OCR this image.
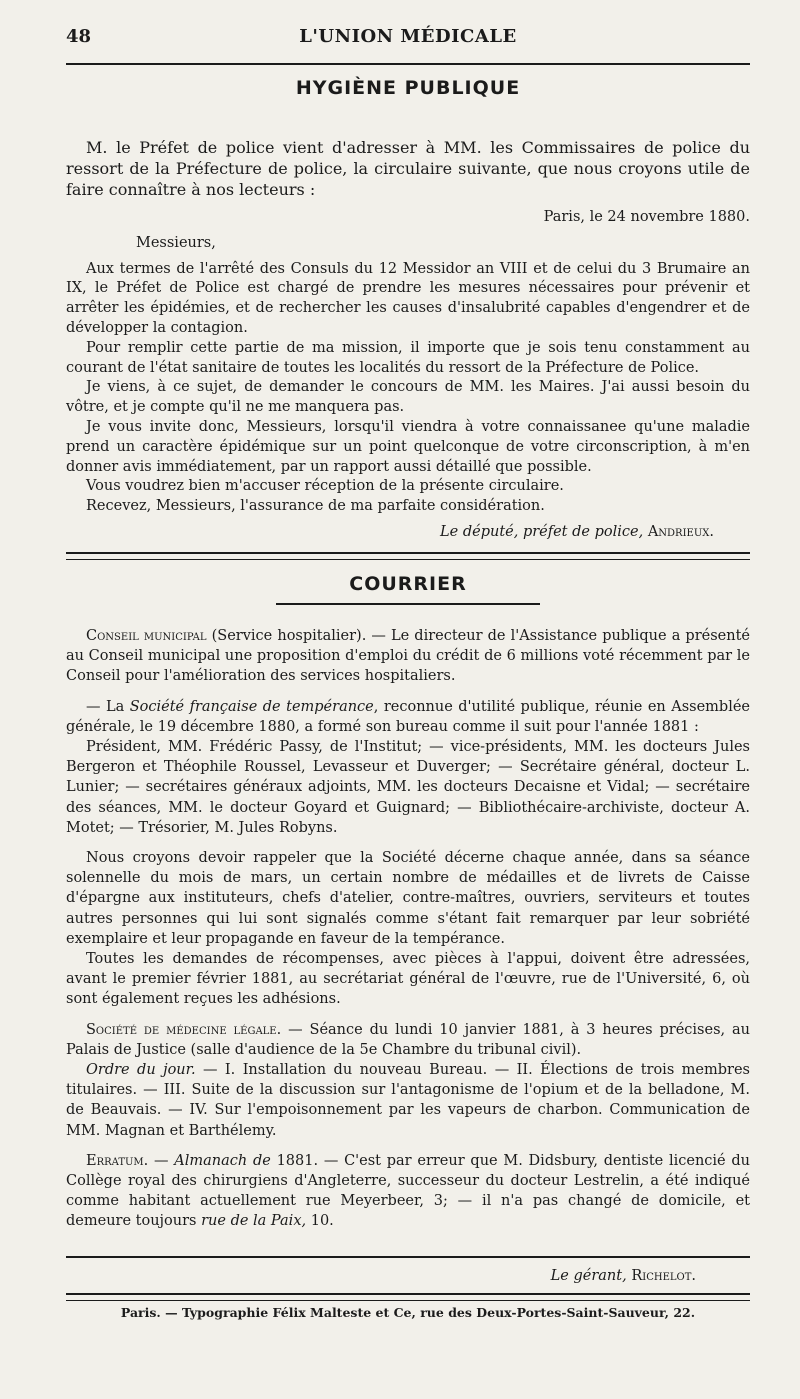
48	L'UNION MÉDICALE
HYGIÈNE PUBLIQUE

M. le Préfet de police vient d'adresser à MM. les Commissaires de police du ressort de la Préfecture de police, la circulaire suivante, que nous croyons utile de faire connaître à nos lecteurs :

Paris, le 24 novembre 1880.

Messieurs,

Aux termes de l'arrêté des Consuls du 12 Messidor an VIII et de celui du 3 Brumaire an IX, le Préfet de Police est chargé de prendre les mesures nécessaires pour prévenir et arrêter les épidémies, et de rechercher les causes d'insalubrité capables d'engendrer et de développer la contagion.

Pour remplir cette partie de ma mission, il importe que je sois tenu constamment au courant de l'état sanitaire de toutes les localités du ressort de la Préfecture de Police.

Je viens, à ce sujet, de demander le concours de MM. les Maires. J'ai aussi besoin du vôtre, et je compte qu'il ne me manquera pas.

Je vous invite donc, Messieurs, lorsqu'il viendra à votre connaissanee qu'une maladie prend un caractère épidémique sur un point quelconque de votre circonscription, à m'en donner avis immédiatement, par un rapport aussi détaillé que possible.

Vous voudrez bien m'accuser réception de la présente circulaire.

Recevez, Messieurs, l'assurance de ma parfaite considération.

Le député, préfet de police, Andrieux.

COURRIER

Conseil municipal (Service hospitalier). — Le directeur de l'Assistance publique a présenté au Conseil municipal une proposition d'emploi du crédit de 6 millions voté récemment par le Conseil pour l'amélioration des services hospitaliers.

— La Société française de tempérance, reconnue d'utilité publique, réunie en Assemblée générale, le 19 décembre 1880, a formé son bureau comme il suit pour l'année 1881 :

Président, MM. Frédéric Passy, de l'Institut; — vice-présidents, MM. les docteurs Jules Bergeron et Théophile Roussel, Levasseur et Duverger; — Secrétaire général, docteur L. Lunier; — secrétaires généraux adjoints, MM. les docteurs Decaisne et Vidal; — secrétaire des séances, MM. le docteur Goyard et Guignard; — Bibliothécaire-archiviste, docteur A. Motet; — Trésorier, M. Jules Robyns.

Nous croyons devoir rappeler que la Société décerne chaque année, dans sa séance solennelle du mois de mars, un certain nombre de médailles et de livrets de Caisse d'épargne aux instituteurs, chefs d'atelier, contre-maîtres, ouvriers, serviteurs et toutes autres personnes qui lui sont signalés comme s'étant fait remarquer par leur sobriété exemplaire et leur propagande en faveur de la tempérance.

Toutes les demandes de récompenses, avec pièces à l'appui, doivent être adressées, avant le premier février 1881, au secrétariat général de l'œuvre, rue de l'Université, 6, où sont également reçues les adhésions.

Société de médecine légale. — Séance du lundi 10 janvier 1881, à 3 heures précises, au Palais de Justice (salle d'audience de la 5e Chambre du tribunal civil).

Ordre du jour. — I. Installation du nouveau Bureau. — II. Élections de trois membres titulaires. — III. Suite de la discussion sur l'antagonisme de l'opium et de la belladone, M. de Beauvais. — IV. Sur l'empoisonnement par les vapeurs de charbon. Communication de MM. Magnan et Barthélemy.

Erratum. — Almanach de 1881. — C'est par erreur que M. Didsbury, dentiste licencié du Collège royal des chirurgiens d'Angleterre, successeur du docteur Lestrelin, a été indiqué comme habitant actuellement rue Meyerbeer, 3; — il n'a pas changé de domicile, et demeure toujours rue de la Paix, 10.

Le gérant, Richelot.
Paris. — Typographie Félix Malteste et Ce, rue des Deux-Portes-Saint-Sauveur, 22.
